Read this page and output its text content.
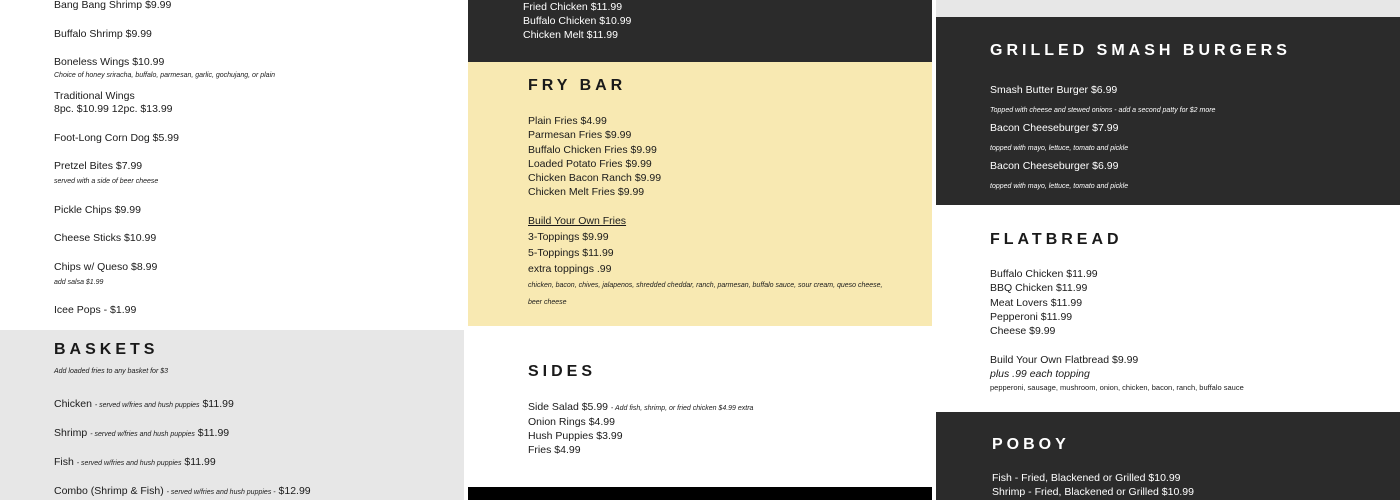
Bang Bang Shrimp $9.99
Buffalo Shrimp $9.99
Boneless Wings $10.99
Choice of honey sriracha, buffalo, parmesan, garlic, gochujang, or plain
Traditional Wings
8pc. $10.99 12pc. $13.99
Foot-Long Corn Dog $5.99
Pretzel Bites $7.99
served with a side of beer cheese
Pickle Chips $9.99
Cheese Sticks $10.99
Chips w/ Queso $8.99
add salsa $1.99
Icee Pops - $1.99
BASKETS
Add loaded fries to any basket for $3
Chicken - served w/fries and hush puppies $11.99
Shrimp - served w/fries and hush puppies $11.99
Fish - served w/fries and hush puppies $11.99
Combo (Shrimp & Fish) - served w/fries and hush puppies - $12.99
Fried Chicken $11.99
Buffalo Chicken $10.99
Chicken Melt $11.99
FRY BAR
Plain Fries $4.99
Parmesan Fries $9.99
Buffalo Chicken Fries $9.99
Loaded Potato Fries $9.99
Chicken Bacon Ranch $9.99
Chicken Melt Fries $9.99
Build Your Own Fries
3-Toppings $9.99
5-Toppings $11.99
extra toppings .99
chicken, bacon, chives, jalapenos, shredded cheddar, ranch, parmesan, buffalo sauce, sour cream, queso cheese,
beer cheese
SIDES
Side Salad $5.99 - Add fish, shrimp, or fried chicken $4.99 extra
Onion Rings $4.99
Hush Puppies $3.99
Fries $4.99
GRILLED SMASH BURGERS
Smash Butter Burger $6.99
Topped with cheese and stewed onions - add a second patty for $2 more
Bacon Cheeseburger $7.99
topped with mayo, lettuce, tomato and pickle
Bacon Cheeseburger $6.99
topped with mayo, lettuce, tomato and pickle
FLATBREAD
Buffalo Chicken $11.99
BBQ Chicken $11.99
Meat Lovers $11.99
Pepperoni $11.99
Cheese $9.99
Build Your Own Flatbread $9.99
plus .99 each topping
pepperoni, sausage, mushroom, onion, chicken, bacon, ranch, buffalo sauce
POBOY
Fish - Fried, Blackened or Grilled $10.99
Shrimp - Fried, Blackened or Grilled $10.99
